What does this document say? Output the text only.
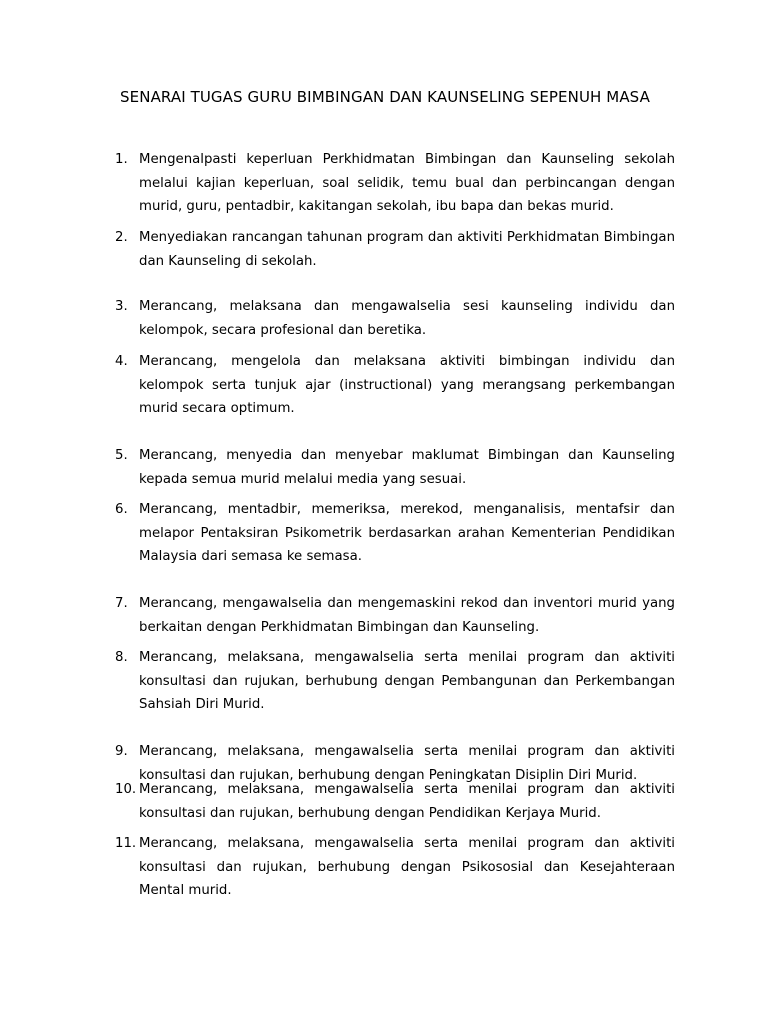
SENARAI TUGAS GURU BIMBINGAN DAN KAUNSELING SEPENUH MASA
1. Mengenalpasti keperluan Perkhidmatan Bimbingan dan Kaunseling sekolah melalui kajian keperluan, soal selidik, temu bual dan perbincangan dengan murid, guru, pentadbir, kakitangan sekolah, ibu bapa dan bekas murid.
2. Menyediakan rancangan tahunan program dan aktiviti Perkhidmatan Bimbingan dan Kaunseling di sekolah.
3. Merancang, melaksana dan mengawalselia sesi kaunseling individu dan kelompok, secara profesional dan beretika.
4. Merancang, mengelola dan melaksana aktiviti bimbingan individu dan kelompok serta tunjuk ajar (instructional) yang merangsang perkembangan murid secara optimum.
5. Merancang, menyedia dan menyebar maklumat Bimbingan dan Kaunseling kepada semua murid melalui media yang sesuai.
6. Merancang, mentadbir, memeriksa, merekod, menganalisis, mentafsir dan melapor Pentaksiran Psikometrik berdasarkan arahan Kementerian Pendidikan Malaysia dari semasa ke semasa.
7. Merancang, mengawalselia dan mengemaskini rekod dan inventori murid yang berkaitan dengan Perkhidmatan Bimbingan dan Kaunseling.
8. Merancang, melaksana, mengawalselia serta menilai program dan aktiviti konsultasi dan rujukan, berhubung dengan Pembangunan dan Perkembangan Sahsiah Diri Murid.
9. Merancang, melaksana, mengawalselia serta menilai program dan aktiviti konsultasi dan rujukan, berhubung dengan Peningkatan Disiplin Diri Murid.
10. Merancang, melaksana, mengawalselia serta menilai program dan aktiviti konsultasi dan rujukan, berhubung dengan Pendidikan Kerjaya Murid.
11. Merancang, melaksana, mengawalselia serta menilai program dan aktiviti konsultasi dan rujukan, berhubung dengan Psikososial dan Kesejahteraan Mental murid.
